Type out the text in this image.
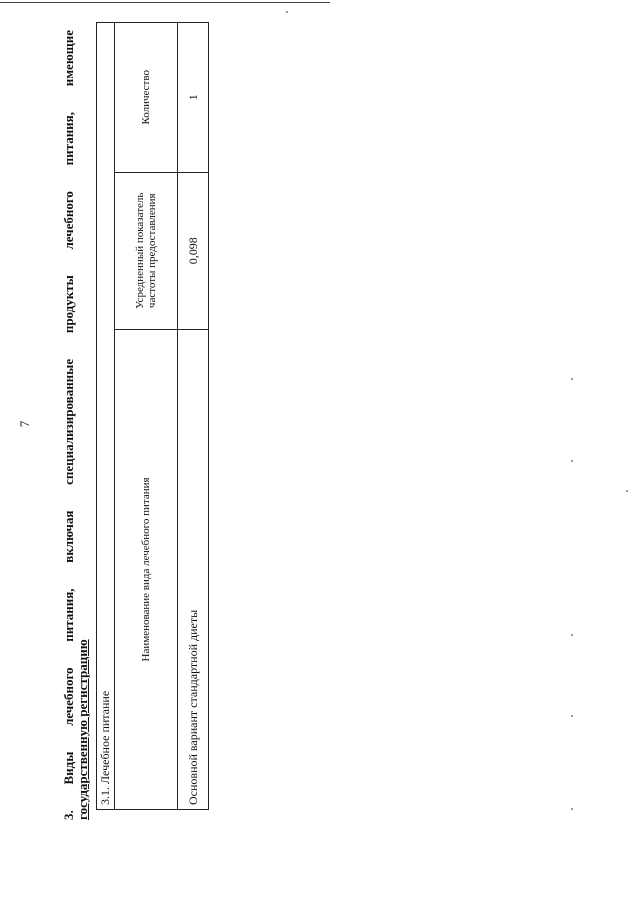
7
3.
Виды
лечебного
питания,
включая
специализированные
продукты
лечебного
питания,
имеющие
государственную регистрацию 3.1. Лечебное питание		
Наименование вида лечебного питания	Усредненный показатель частоты предоставления	Количество
Основной вариант стандартной диеты	0,098	1
